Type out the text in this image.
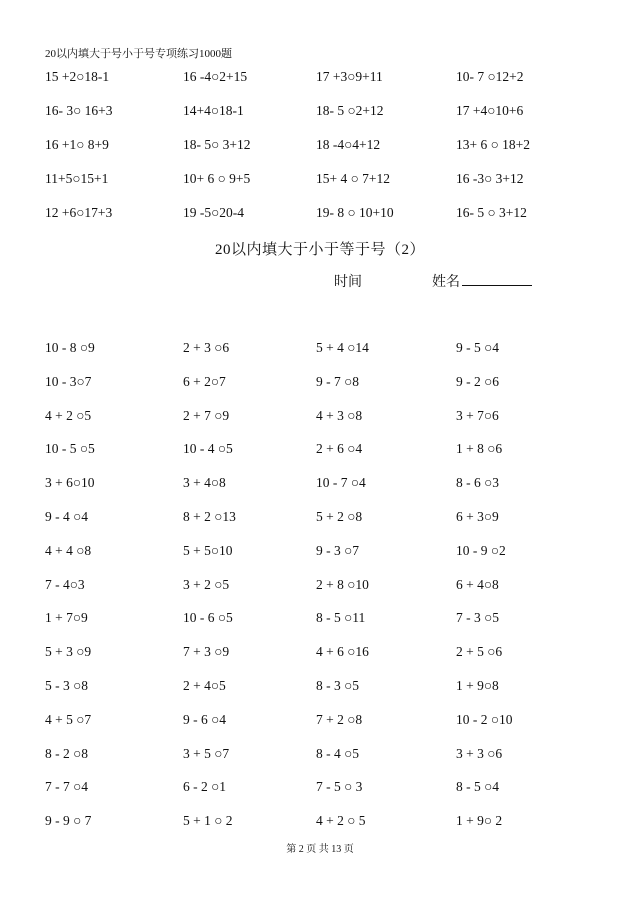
20以内填大于号小于号专项练习1000题
15 +2○18-1	16 -4○2+15	17 +3○9+11	10- 7 ○12+2
16- 3○ 16+3	14+4○18-1	18- 5 ○2+12	17 +4○10+6
16 +1○ 8+9	18- 5○ 3+12	18 -4○4+12	13+ 6 ○ 18+2
11+5○15+1	10+ 6 ○ 9+5	15+ 4 ○ 7+12	16 -3○ 3+12
12 +6○17+3	19 -5○20-4	19- 8 ○ 10+10	16- 5 ○ 3+12
20以内填大于小于等于号（2）
时间	姓名
10 - 8 ○9	2 + 3 ○6	5 + 4 ○14	9 - 5 ○4
10 - 3○7	6 + 2○7	9 - 7 ○8	9 - 2 ○6
4 + 2 ○5	2 + 7 ○9	4 + 3 ○8	3 + 7○6
10 - 5 ○5	10 - 4 ○5	2 + 6 ○4	1 + 8 ○6
3 + 6○10	3 + 4○8	10 - 7 ○4	8 - 6 ○3
9 - 4 ○4	8 + 2 ○13	5 + 2 ○8	6 + 3○9
4 + 4 ○8	5 + 5○10	9 - 3 ○7	10 - 9 ○2
7 - 4○3	3 + 2 ○5	2 + 8 ○10	6 + 4○8
1 + 7○9	10 - 6 ○5	8 - 5 ○11	7 - 3 ○5
5 + 3 ○9	7 + 3 ○9	4 + 6 ○16	2 + 5 ○6
5 - 3 ○8	2 + 4○5	8 - 3 ○5	1 + 9○8
4 + 5 ○7	9 - 6 ○4	7 + 2 ○8	10 - 2 ○10
8 - 2 ○8	3 + 5 ○7	8 - 4 ○5	3 + 3 ○6
7 - 7 ○4	6 - 2 ○1	7 - 5 ○ 3	8 - 5 ○4
9 - 9 ○ 7	5 + 1 ○ 2	4 + 2 ○ 5	1 + 9○ 2
第 2 页 共 13 页
